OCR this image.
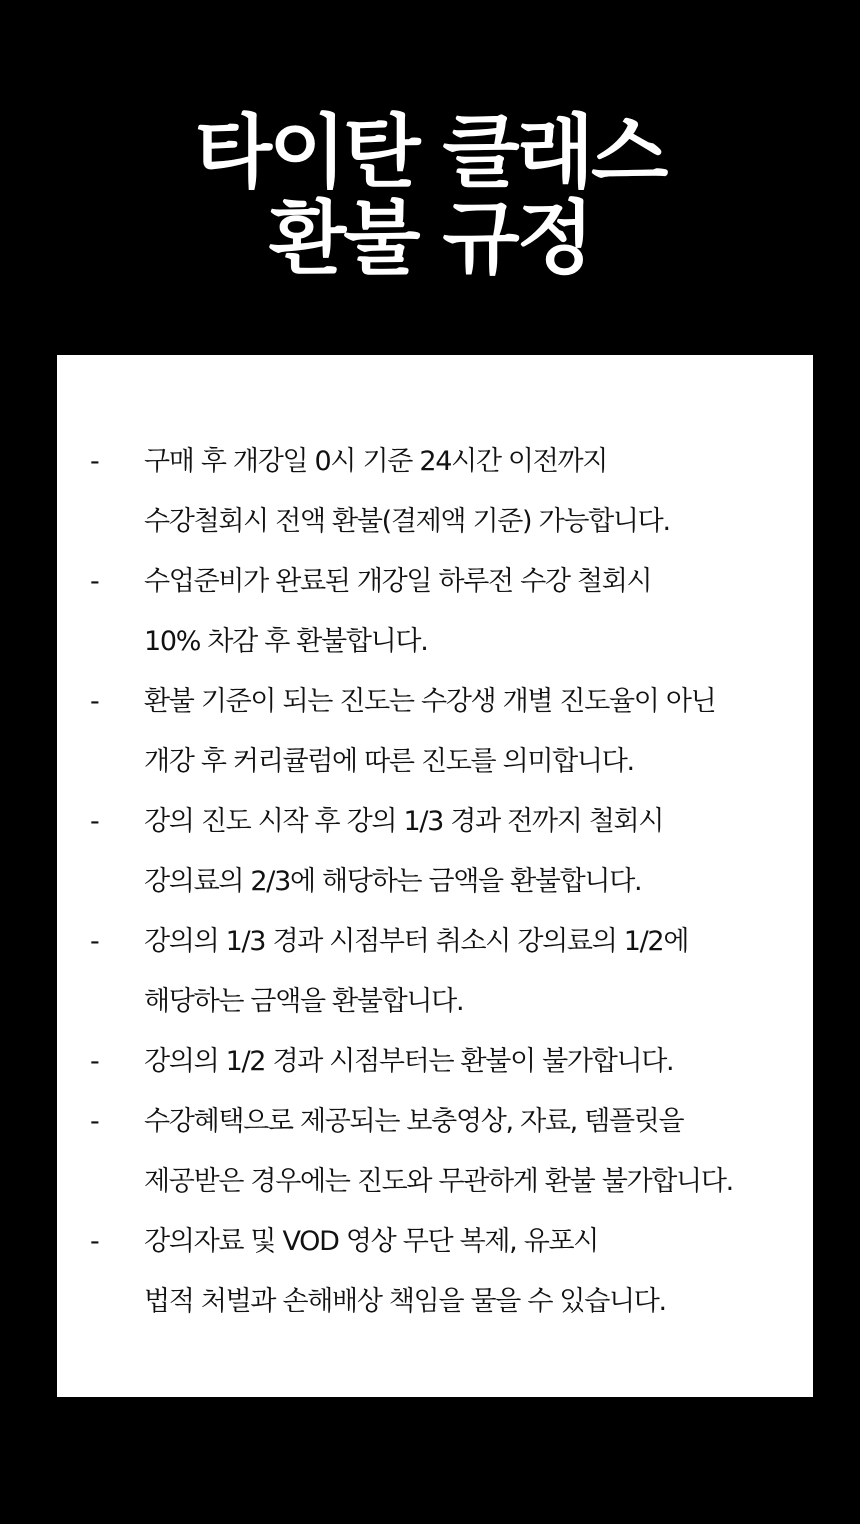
타이탄 클래스
환불 규정
-	구매 후 개강일 0시 기준 24시간 이전까지
수강철회시 전액 환불(결제액 기준) 가능합니다.
-	수업준비가 완료된 개강일 하루전 수강 철회시
10% 차감 후 환불합니다.
-	환불 기준이 되는 진도는 수강생 개별 진도율이 아닌
개강 후 커리큘럼에 따른 진도를 의미합니다.
-	강의 진도 시작 후 강의 1/3 경과 전까지 철회시
강의료의 2/3에 해당하는 금액을 환불합니다.
-	강의의 1/3 경과 시점부터 취소시 강의료의 1/2에
해당하는 금액을 환불합니다.
-	강의의 1/2 경과 시점부터는 환불이 불가합니다.
-	수강혜택으로 제공되는 보충영상, 자료, 템플릿을
제공받은 경우에는 진도와 무관하게 환불 불가합니다.
-	강의자료 및 VOD 영상 무단 복제, 유포시
법적 처벌과 손해배상 책임을 물을 수 있습니다.
